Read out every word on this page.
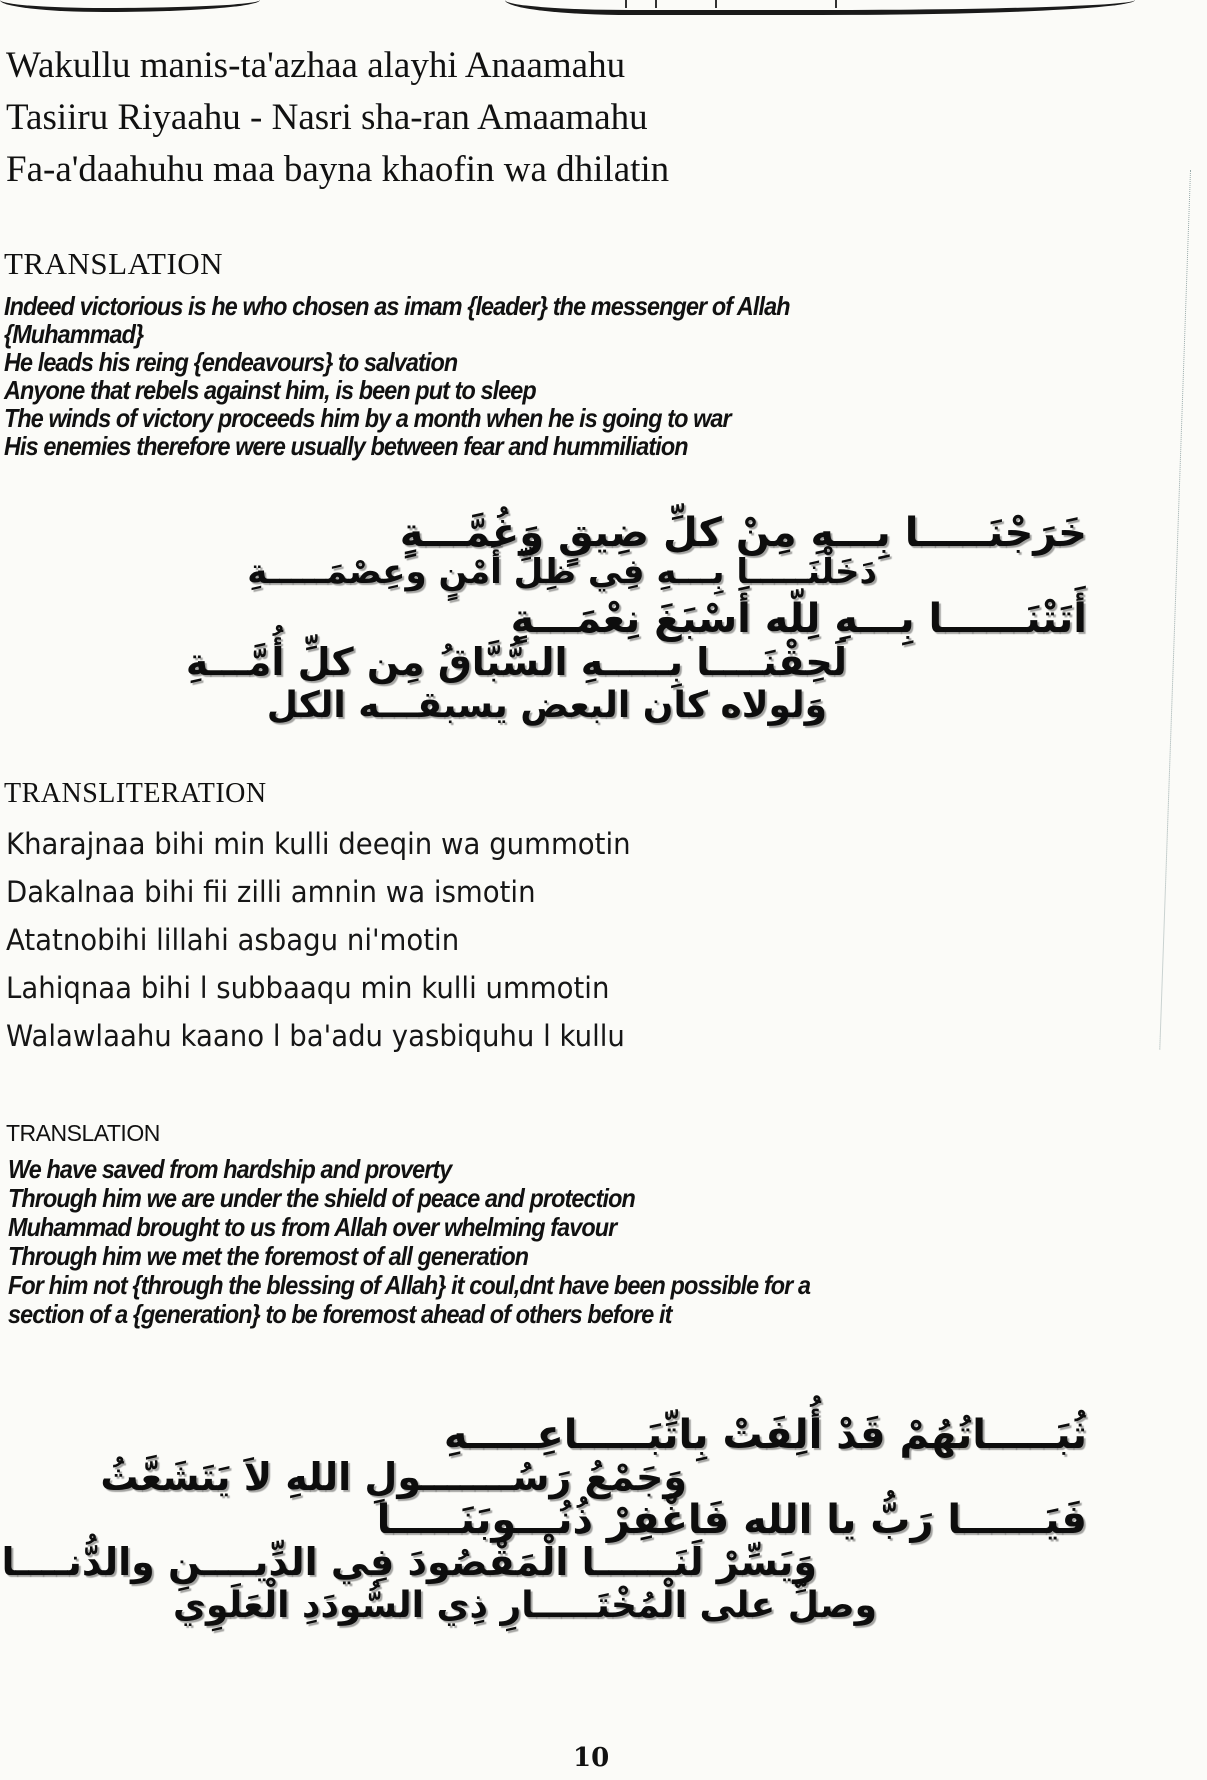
Wakullu manis-ta'azhaa alayhi Anaamahu
Tasiiru Riyaahu - Nasri sha-ran Amaamahu
Fa-a'daahuhu maa bayna khaofin wa dhilatin
TRANSLATION
Indeed victorious is he who chosen as imam {leader} the messenger of Allah
{Muhammad}
He leads his reing {endeavours} to salvation
Anyone that rebels against him, is been put to sleep
The winds of victory proceeds him by a month when he is going to war
His enemies therefore were usually between fear and hummiliation
خَرَجْنَـــــا بِـــهِ مِنْ كلِّ ضِيقٍ وَغُمَّـــةٍ
دَخَلْنَـــــا بِـــهِ فِي ظِلِّ أَمْنٍ وعِصْمَـــــةِ
أَتَتْنَــــــا بِـــهِ لِلّه أَسْبَغَ نِعْمَـــةٍ
لَحِقْنَــــا بِـــــهِ السُّبَّاقُ مِن كلِّ أُمَّـــةِ
وَلولاه كان البعض يسبقـــه الكل
TRANSLITERATION
Kharajnaa bihi min kulli deeqin wa gummotin
Dakalnaa bihi fii zilli amnin wa ismotin
Atatnobihi lillahi asbagu ni'motin
Lahiqnaa bihi l subbaaqu min kulli ummotin
Walawlaahu kaano l ba'adu yasbiquhu l kullu
TRANSLATION
We have saved from hardship and proverty
Through him we are under the shield of peace and protection
Muhammad brought to us from Allah over whelming favour
Through him we met the foremost of all generation
For him not {through the blessing of Allah} it coul,dnt have been possible for a
section of a {generation} to be foremost ahead of others before it
ثُبَـــــاتُهُمْ قَدْ أُلِفَتْ بِاتِّبَـــــاعِـــــهِ
وَجَمْعُ رَسُـــــــولِ اللهِ لاَ يَتَشَعَّثُ
فَيَــــــا رَبُّ يا الله فَاغْفِرْ ذُنُـــوبَنَـــــا
وَيَسِّرْ لَنَــــــا الْمَقْصُودَ فِي الدِّيــــنِ والدُّنــــا
وصلِّ على الْمُخْتَـــــارِ ذِي السُّودَدِ الْعَلَوِي
10
